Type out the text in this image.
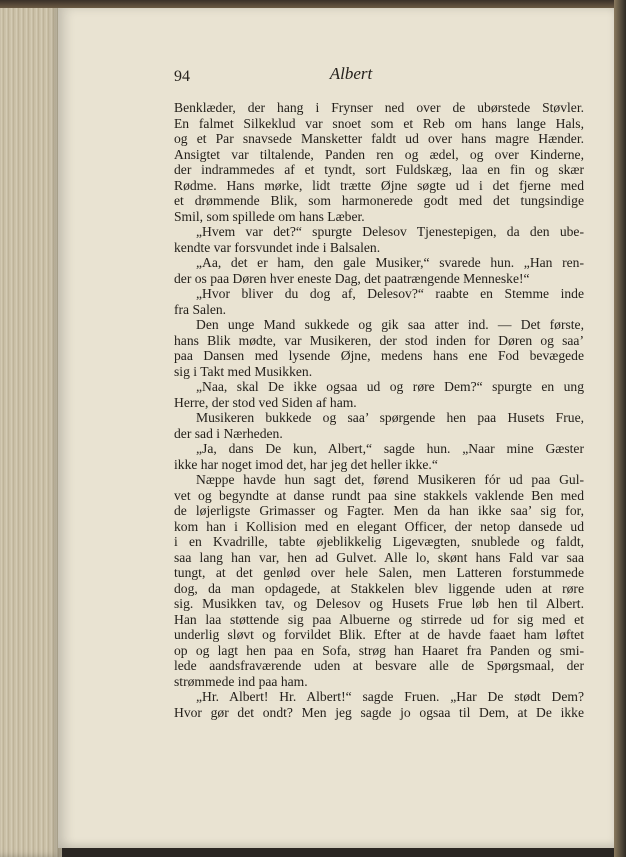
94	Albert
Benklæder, der hang i Frynser ned over de ubørstede Støvler.
En falmet Silkeklud var snoet som et Reb om hans lange Hals,
og et Par snavsede Mansketter faldt ud over hans magre Hænder.
Ansigtet var tiltalende, Panden ren og ædel, og over Kinderne,
der indrammedes af et tyndt, sort Fuldskæg, laa en fin og skær
Rødme. Hans mørke, lidt trætte Øjne søgte ud i det fjerne med
et drømmende Blik, som harmonerede godt med det tungsindige
Smil, som spillede om hans Læber.
„Hvem var det?“ spurgte Delesov Tjenestepigen, da den ube-
kendte var forsvundet inde i Balsalen.
„Aa, det er ham, den gale Musiker,“ svarede hun. „Han ren-
der os paa Døren hver eneste Dag, det paatrængende Menneske!“
„Hvor bliver du dog af, Delesov?“ raabte en Stemme inde
fra Salen.
Den unge Mand sukkede og gik saa atter ind. — Det første,
hans Blik mødte, var Musikeren, der stod inden for Døren og saa’
paa Dansen med lysende Øjne, medens hans ene Fod bevægede
sig i Takt med Musikken.
„Naa, skal De ikke ogsaa ud og røre Dem?“ spurgte en ung
Herre, der stod ved Siden af ham.
Musikeren bukkede og saa’ spørgende hen paa Husets Frue,
der sad i Nærheden.
„Ja, dans De kun, Albert,“ sagde hun. „Naar mine Gæster
ikke har noget imod det, har jeg det heller ikke.“
Næppe havde hun sagt det, førend Musikeren fór ud paa Gul-
vet og begyndte at danse rundt paa sine stakkels vaklende Ben med
de løjerligste Grimasser og Fagter. Men da han ikke saa’ sig for,
kom han i Kollision med en elegant Officer, der netop dansede ud
i en Kvadrille, tabte øjeblikkelig Ligevægten, snublede og faldt,
saa lang han var, hen ad Gulvet. Alle lo, skønt hans Fald var saa
tungt, at det genlød over hele Salen, men Latteren forstummede
dog, da man opdagede, at Stakkelen blev liggende uden at røre
sig. Musikken tav, og Delesov og Husets Frue løb hen til Albert.
Han laa støttende sig paa Albuerne og stirrede ud for sig med et
underlig sløvt og forvildet Blik. Efter at de havde faaet ham løftet
op og lagt hen paa en Sofa, strøg han Haaret fra Panden og smi-
lede aandsfraværende uden at besvare alle de Spørgsmaal, der
strømmede ind paa ham.
„Hr. Albert! Hr. Albert!“ sagde Fruen. „Har De stødt Dem?
Hvor gør det ondt? Men jeg sagde jo ogsaa til Dem, at De ikke
